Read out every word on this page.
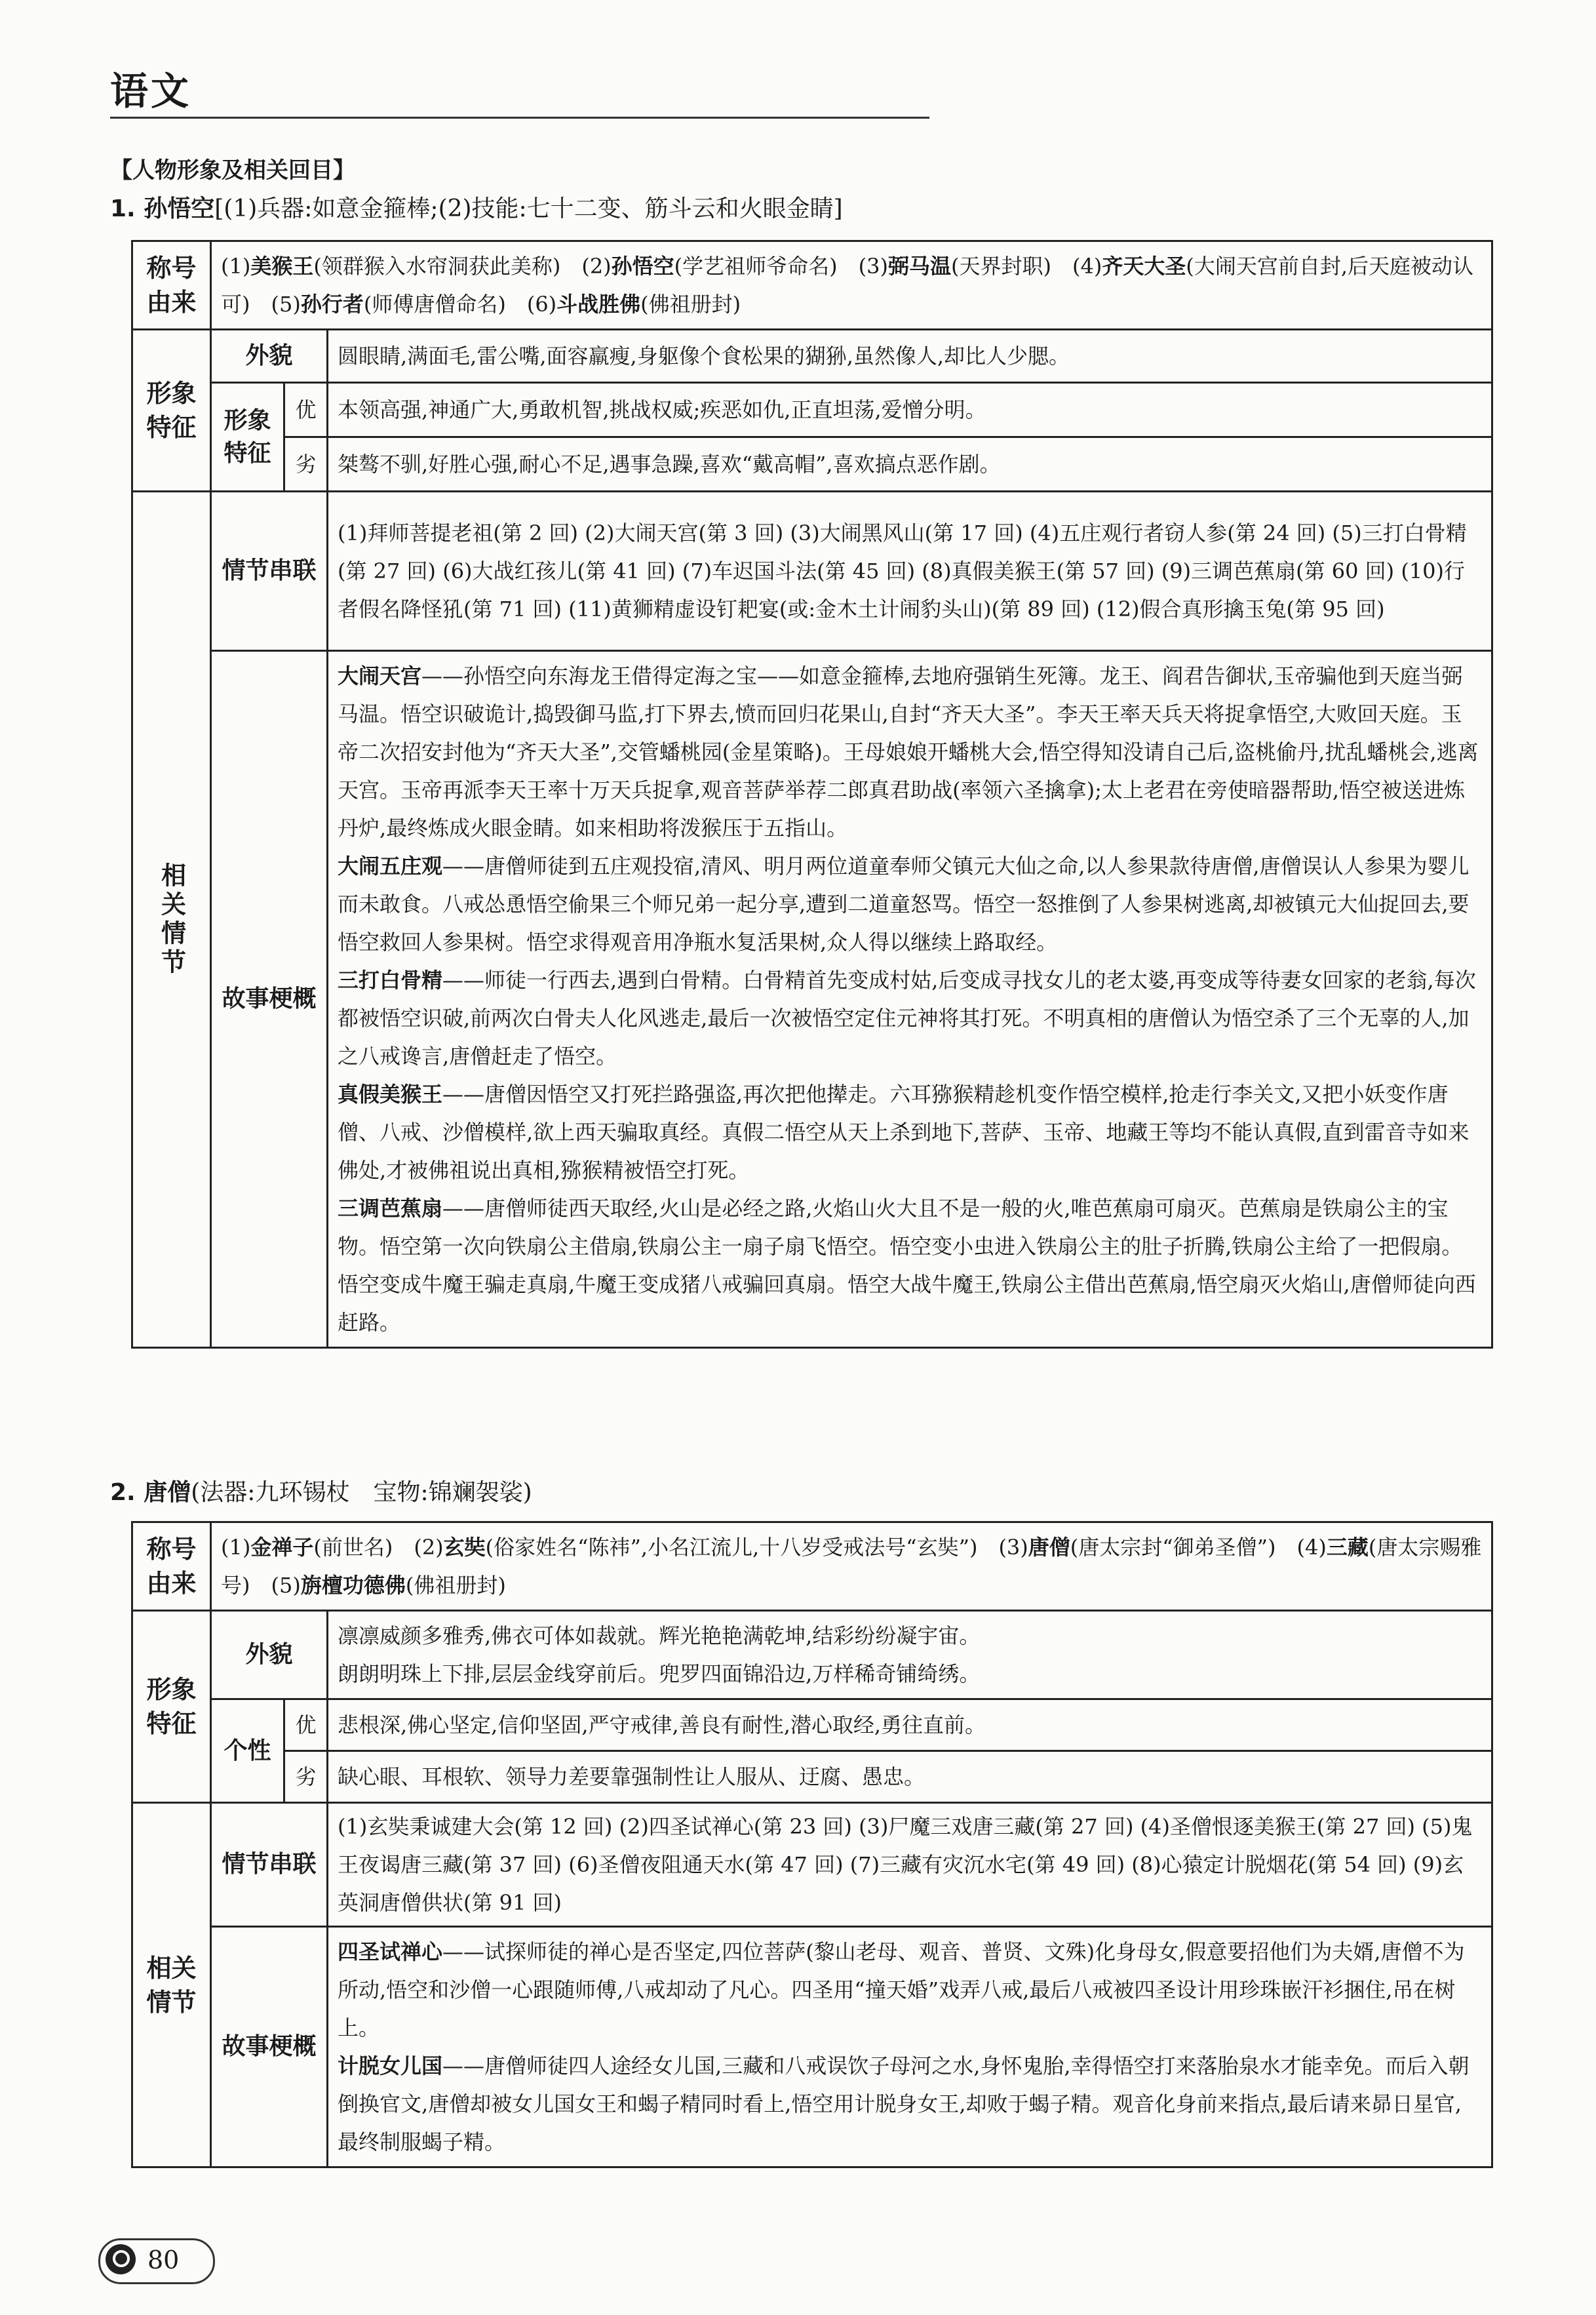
语文
【人物形象及相关回目】
1. 孙悟空[(1)兵器:如意金箍棒;(2)技能:七十二变、筋斗云和火眼金睛]
称号由来	(1)美猴王(领群猴入水帘洞获此美称)　(2)孙悟空(学艺祖师爷命名)　(3)弼马温(天界封职)　(4)齐天大圣(大闹天宫前自封,后天庭被动认可)　(5)孙行者(师傅唐僧命名)　(6)斗战胜佛(佛祖册封)　		
形象特征	外貌		圆眼睛,满面毛,雷公嘴,面容羸瘦,身躯像个食松果的猢狲,虽然像人,却比人少腮。
	形象特征	优	本领高强,神通广大,勇敢机智,挑战权威;疾恶如仇,正直坦荡,爱憎分明。
		劣	桀骜不驯,好胜心强,耐心不足,遇事急躁,喜欢“戴高帽”,喜欢搞点恶作剧。

相关情节	情节串联		(1)拜师菩提老祖(第 2 回) (2)大闹天宫(第 3 回) (3)大闹黑风山(第 17 回) (4)五庄观行者窃人参(第 24 回) (5)三打白骨精(第 27 回) (6)大战红孩儿(第 41 回) (7)车迟国斗法(第 45 回) (8)真假美猴王(第 57 回) (9)三调芭蕉扇(第 60 回) (10)行者假名降怪犼(第 71 回) (11)黄狮精虚设钉耙宴(或:金木土计闹豹头山)(第 89 回) (12)假合真形擒玉兔(第 95 回)
	故事梗概		大闹天宫——孙悟空向东海龙王借得定海之宝——如意金箍棒,去地府强销生死簿。龙王、阎君告御状,玉帝骗他到天庭当弼马温。悟空识破诡计,捣毁御马监,打下界去,愤而回归花果山,自封“齐天大圣”。李天王率天兵天将捉拿悟空,大败回天庭。玉帝二次招安封他为“齐天大圣”,交管蟠桃园(金星策略)。王母娘娘开蟠桃大会,悟空得知没请自己后,盗桃偷丹,扰乱蟠桃会,逃离天宫。玉帝再派李天王率十万天兵捉拿,观音菩萨举荐二郎真君助战(率领六圣擒拿);太上老君在旁使暗器帮助,悟空被送进炼丹炉,最终炼成火眼金睛。如来相助将泼猴压于五指山。

大闹五庄观——唐僧师徒到五庄观投宿,清风、明月两位道童奉师父镇元大仙之命,以人参果款待唐僧,唐僧误认人参果为婴儿而未敢食。八戒怂恿悟空偷果三个师兄弟一起分享,遭到二道童怒骂。悟空一怒推倒了人参果树逃离,却被镇元大仙捉回去,要悟空救回人参果树。悟空求得观音用净瓶水复活果树,众人得以继续上路取经。

三打白骨精——师徒一行西去,遇到白骨精。白骨精首先变成村姑,后变成寻找女儿的老太婆,再变成等待妻女回家的老翁,每次都被悟空识破,前两次白骨夫人化风逃走,最后一次被悟空定住元神将其打死。不明真相的唐僧认为悟空杀了三个无辜的人,加之八戒谗言,唐僧赶走了悟空。

真假美猴王——唐僧因悟空又打死拦路强盗,再次把他撵走。六耳猕猴精趁机变作悟空模样,抢走行李关文,又把小妖变作唐僧、八戒、沙僧模样,欲上西天骗取真经。真假二悟空从天上杀到地下,菩萨、玉帝、地藏王等均不能认真假,直到雷音寺如来佛处,才被佛祖说出真相,猕猴精被悟空打死。

三调芭蕉扇——唐僧师徒西天取经,火山是必经之路,火焰山火大且不是一般的火,唯芭蕉扇可扇灭。芭蕉扇是铁扇公主的宝物。悟空第一次向铁扇公主借扇,铁扇公主一扇子扇飞悟空。悟空变小虫进入铁扇公主的肚子折腾,铁扇公主给了一把假扇。悟空变成牛魔王骗走真扇,牛魔王变成猪八戒骗回真扇。悟空大战牛魔王,铁扇公主借出芭蕉扇,悟空扇灭火焰山,唐僧师徒向西赶路。

2. 唐僧(法器:九环锡杖　宝物:锦斓袈裟)
称号由来	(1)金禅子(前世名)　(2)玄奘(俗家姓名“陈祎”,小名江流儿,十八岁受戒法号“玄奘”)　(3)唐僧(唐太宗封“御弟圣僧”)　(4)三藏(唐太宗赐雅号)　(5)旃檀功德佛(佛祖册封)　		
形象特征	外貌		凛凛威颜多雅秀,佛衣可体如裁就。辉光艳艳满乾坤,结彩纷纷凝宇宙。
朗朗明珠上下排,层层金线穿前后。兜罗四面锦沿边,万样稀奇铺绮绣。

	个性	优	悲根深,佛心坚定,信仰坚固,严守戒律,善良有耐性,潜心取经,勇往直前。
		劣	缺心眼、耳根软、领导力差要靠强制性让人服从、迂腐、愚忠。
相关情节	情节串联		(1)玄奘秉诚建大会(第 12 回) (2)四圣试禅心(第 23 回) (3)尸魔三戏唐三藏(第 27 回) (4)圣僧恨逐美猴王(第 27 回) (5)鬼王夜谒唐三藏(第 37 回) (6)圣僧夜阻通天水(第 47 回) (7)三藏有灾沉水宅(第 49 回) (8)心猿定计脱烟花(第 54 回) (9)玄英洞唐僧供状(第 91 回)
	故事梗概		四圣试禅心——试探师徒的禅心是否坚定,四位菩萨(黎山老母、观音、普贤、文殊)化身母女,假意要招他们为夫婿,唐僧不为所动,悟空和沙僧一心跟随师傅,八戒却动了凡心。四圣用“撞天婚”戏弄八戒,最后八戒被四圣设计用珍珠嵌汗衫捆住,吊在树上。

计脱女儿国——唐僧师徒四人途经女儿国,三藏和八戒误饮子母河之水,身怀鬼胎,幸得悟空打来落胎泉水才能幸免。而后入朝倒换官文,唐僧却被女儿国女王和蝎子精同时看上,悟空用计脱身女王,却败于蝎子精。观音化身前来指点,最后请来昴日星官,最终制服蝎子精。

80
